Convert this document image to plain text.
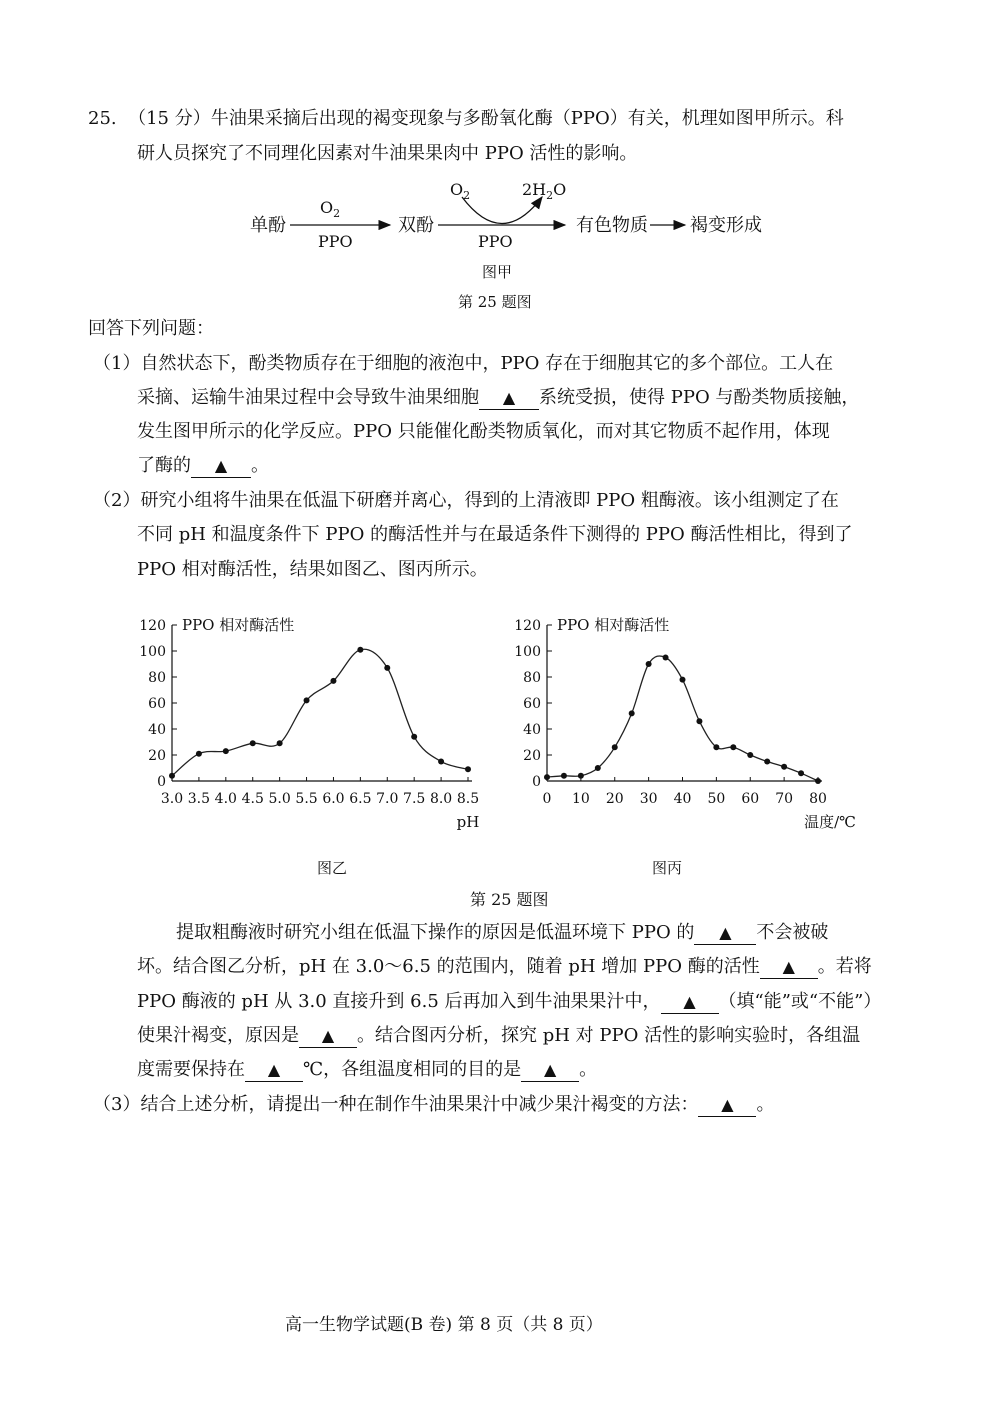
25. （15 分）牛油果采摘后出现的褐变现象与多酚氧化酶（PPO）有关，机理如图甲所示。科
研人员探究了不同理化因素对牛油果果肉中 PPO 活性的影响。
单酚
$O_2$
PPO
双酚
$O_2$	$2H_2O$
PPO
有色物质 褐变形成
图甲
第 25 题图
回答下列问题：
（1）自然状态下，酚类物质存在于细胞的液泡中，PPO 存在于细胞其它的多个部位。工人在
采摘、运输牛油果过程中会导致牛油果细胞 ▲ 系统受损，使得 PPO 与酚类物质接触，
发生图甲所示的化学反应。PPO 只能催化酚类物质氧化，而对其它物质不起作用，体现
了酶的 ▲ 。
（2）研究小组将牛油果在低温下研磨并离心，得到的上清液即 PPO 粗酶液。该小组测定了在
不同 pH 和温度条件下 PPO 的酶活性并与在最适条件下测得的 PPO 酶活性相比，得到了
PPO 相对酶活性，结果如图乙、图丙所示。
0
20
40
60
80
100
120
3.0 3.5 4.0 4.5 5.0 5.5 6.0 6.5 7.0 7.5 8.0 8.5
PPO 相对酶活性
pH
图乙
0
20
40
60
80
100
120
0 10 20 30 40 50 60 70 80
PPO 相对酶活性
温度/℃
图丙
第 25 题图
提取粗酶液时研究小组在低温下操作的原因是低温环境下 PPO 的 ▲ 不会被破
坏。结合图乙分析，pH 在 3.0～6.5 的范围内，随着 pH 增加 PPO 酶的活性 ▲ 。若将
PPO 酶液的 pH 从 3.0 直接升到 6.5 后再加入到牛油果果汁中， ▲ （填“能”或“不能”）
使果汁褐变，原因是 ▲ 。结合图丙分析，探究 pH 对 PPO 活性的影响实验时，各组温
度需要保持在 ▲ ℃，各组温度相同的目的是 ▲ 。
（3）结合上述分析，请提出一种在制作牛油果果汁中减少果汁褐变的方法： ▲ 。
高一生物学试题(B 卷) 第 8 页（共 8 页）
